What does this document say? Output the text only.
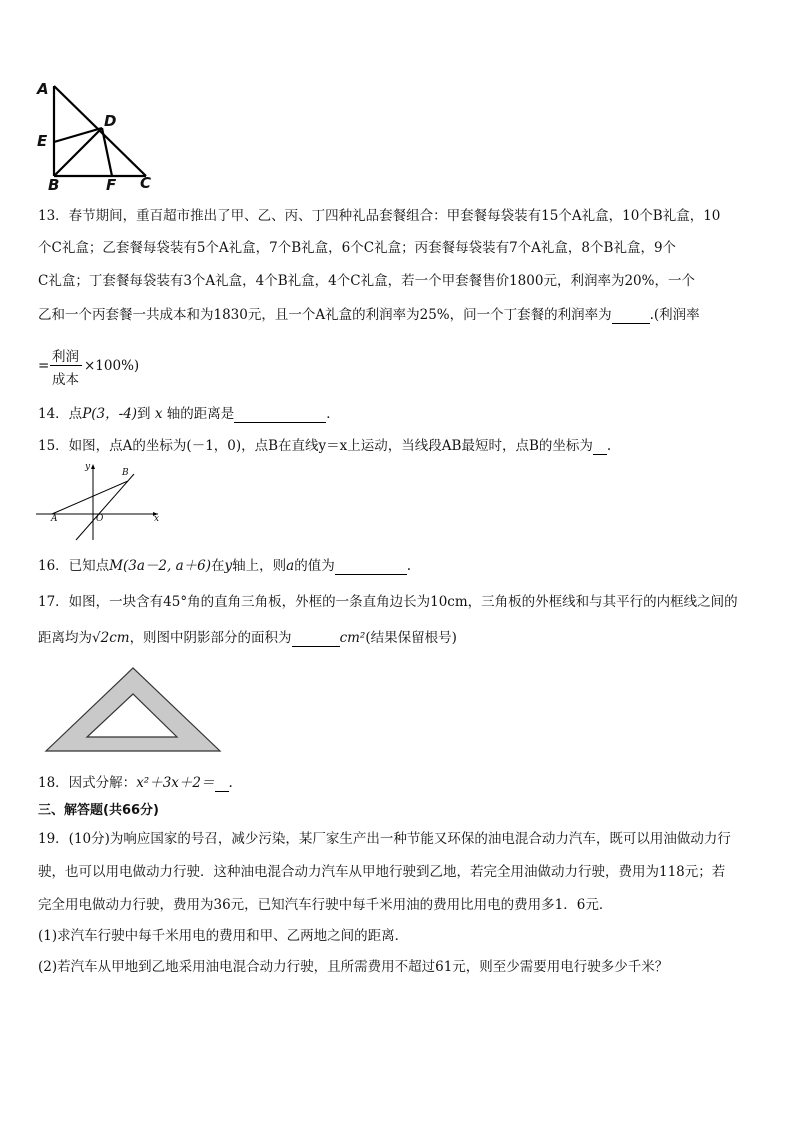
A
E
D
B	F C
13．春节期间，重百超市推出了甲、乙、丙、丁四种礼品套餐组合：甲套餐每袋装有15个A礼盒，10个B礼盒，10
个C礼盒；乙套餐每袋装有5个A礼盒，7个B礼盒，6个C礼盒；丙套餐每袋装有7个A礼盒，8个B礼盒，9个
C礼盒；丁套餐每袋装有3个A礼盒，4个B礼盒，4个C礼盒，若一个甲套餐售价1800元，利润率为20%，一个
乙和一个丙套餐一共成本和为1830元，且一个A礼盒的利润率为25%，问一个丁套餐的利润率为	.(利润率
=
利润
成本
×100%)
14．点P(3，-4)到 x 轴的距离是	．
15．如图，点A的坐标为(－1，0)，点B在直线y＝x上运动，当线段AB最短时，点B的坐标为 .
y
B
A	O	x
16．已知点M(3a－2, a＋6)在y轴上，则a的值为	.
17．如图，一块含有45°角的直角三角板，外框的一条直角边长为10cm，三角板的外框线和与其平行的内框线之间的
距离均为√2cm，则图中阴影部分的面积为	cm²(结果保留根号)
18．因式分解：x²＋3x＋2＝ .
三、解答题(共66分)
19．(10分)为响应国家的号召，减少污染，某厂家生产出一种节能又环保的油电混合动力汽车，既可以用油做动力行
驶，也可以用电做动力行驶．这种油电混合动力汽车从甲地行驶到乙地，若完全用油做动力行驶，费用为118元；若
完全用电做动力行驶，费用为36元，已知汽车行驶中每千米用油的费用比用电的费用多1．6元．
(1)求汽车行驶中每千米用电的费用和甲、乙两地之间的距离．
(2)若汽车从甲地到乙地采用油电混合动力行驶，且所需费用不超过61元，则至少需要用电行驶多少千米？
